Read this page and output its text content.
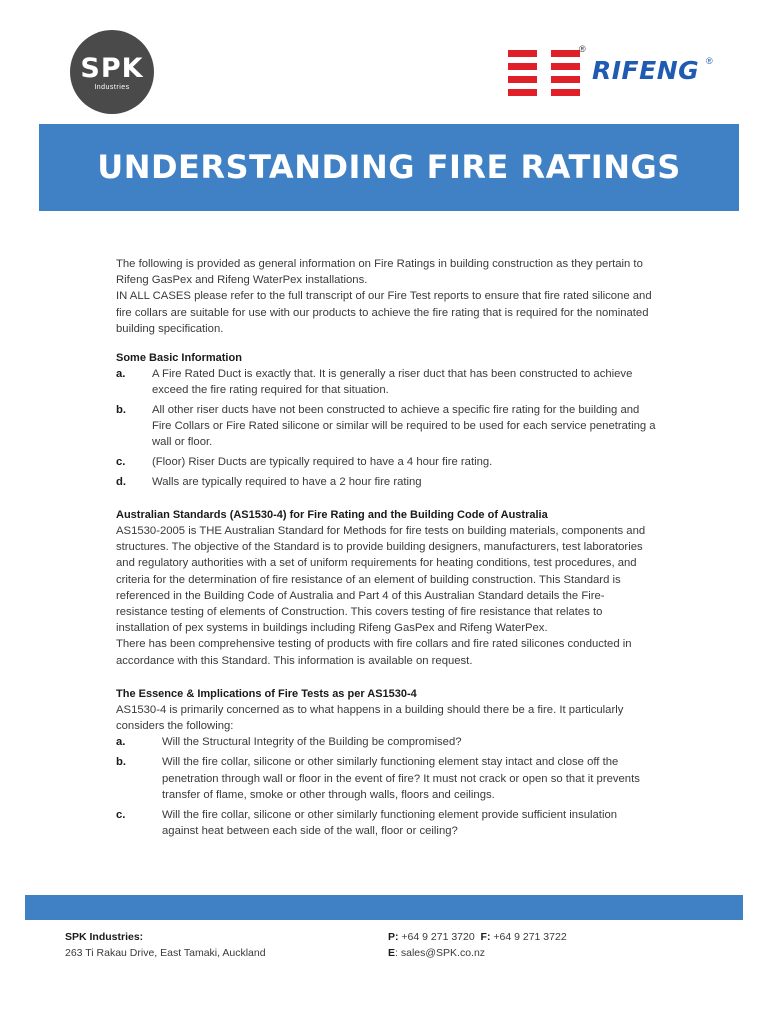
SPK
Industries
®
RIFENG ®
UNDERSTANDING FIRE RATINGS

The following is provided as general information on Fire Ratings in building construction as they pertain to Rifeng GasPex and Rifeng WaterPex installations.

IN ALL CASES please refer to the full transcript of our Fire Test reports to ensure that fire rated silicone and fire collars are suitable for use with our products to achieve the fire rating that is required for the nominated building specification.

Some Basic Information
a.	A Fire Rated Duct is exactly that. It is generally a riser duct that has been constructed to achieve exceed the fire rating required for that situation.
b.	All other riser ducts have not been constructed to achieve a specific fire rating for the building and Fire Collars or Fire Rated silicone or similar will be required to be used for each service penetrating a wall or floor.
c.	(Floor) Riser Ducts are typically required to have a 4 hour fire rating.
d.	Walls are typically required to have a 2 hour fire rating
Australian Standards (AS1530-4) for Fire Rating and the Building Code of Australia

AS1530-2005 is THE Australian Standard for Methods for fire tests on building materials, components and structures. The objective of the Standard is to provide building designers, manufacturers, test laboratories and regulatory authorities with a set of uniform requirements for heating conditions, test procedures, and criteria for the determination of fire resistance of an element of building construction. This Standard is referenced in the Building Code of Australia and Part 4 of this Australian Standard details the Fire-resistance testing of elements of Construction. This covers testing of fire resistance that relates to installation of pex systems in buildings including Rifeng GasPex and Rifeng WaterPex.

There has been comprehensive testing of products with fire collars and fire rated silicones conducted in accordance with this Standard. This information is available on request.

The Essence & Implications of Fire Tests as per AS1530-4

AS1530-4 is primarily concerned as to what happens in a building should there be a fire. It particularly considers the following:

a.	Will the Structural Integrity of the Building be compromised?
b.	Will the fire collar, silicone or other similarly functioning element stay intact and close off the penetration through wall or floor in the event of fire? It must not crack or open so that it prevents transfer of flame, smoke or other through walls, floors and ceilings.
c.	Will the fire collar, silicone or other similarly functioning element provide sufficient insulation against heat between each side of the wall, floor or ceiling?
SPK Industries:
263 Ti Rakau Drive, East Tamaki, Auckland
P: +64 9 271 3720 F: +64 9 271 3722
E: sales@SPK.co.nz
